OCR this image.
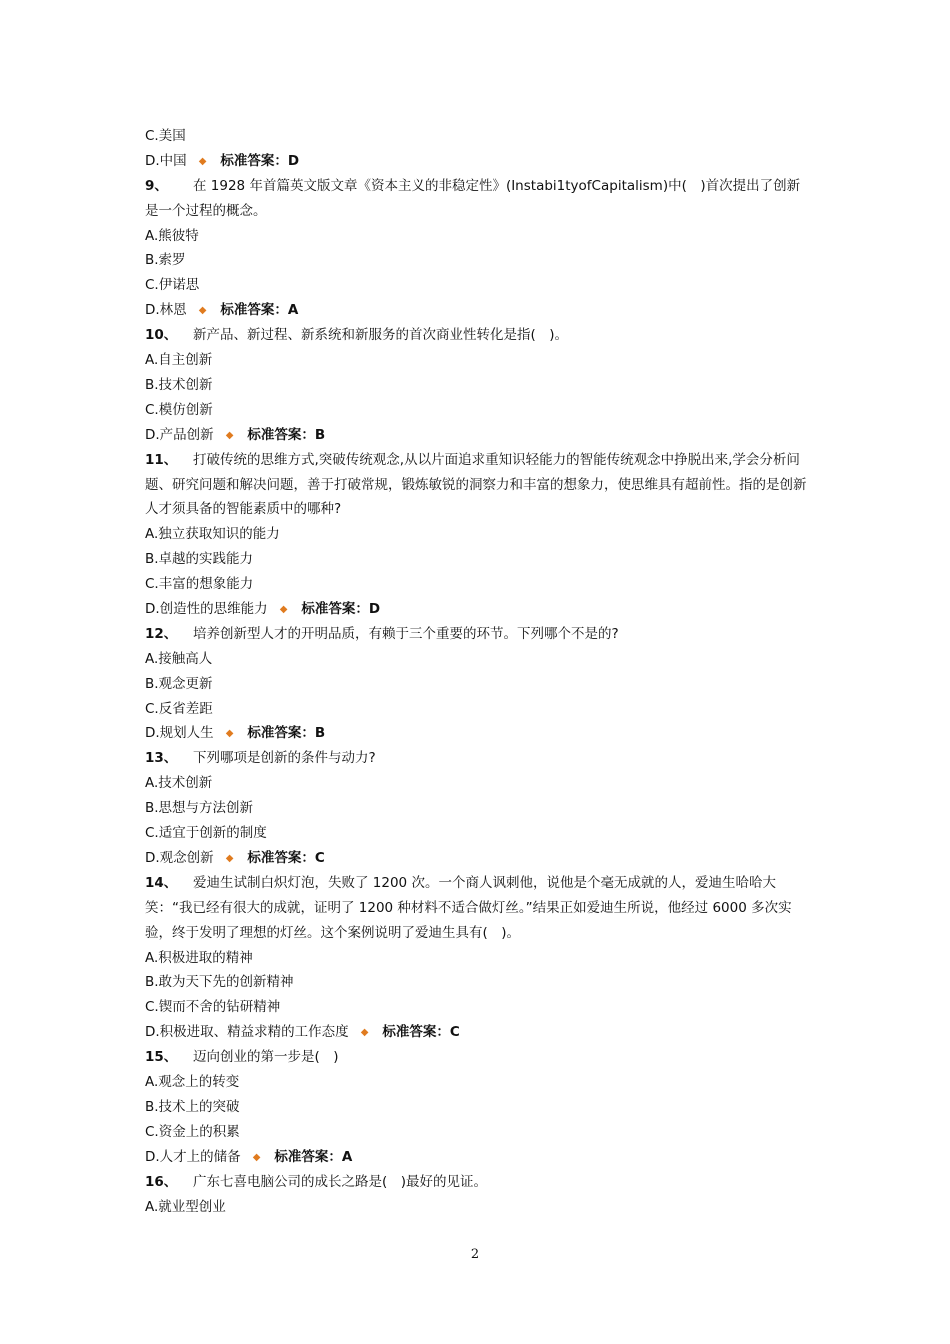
C.美国
D.中国 ◆ 标准答案：D
9、 在 1928 年首篇英文版文章《资本主义的非稳定性》(Instabi1tyofCapitalism)中(　)首次提出了创新是一个过程的概念。
A.熊彼特
B.索罗
C.伊诺思
D.林恩 ◆ 标准答案：A
10、 新产品、新过程、新系统和新服务的首次商业性转化是指(　)。
A.自主创新
B.技术创新
C.模仿创新
D.产品创新 ◆ 标准答案：B
11、 打破传统的思维方式,突破传统观念,从以片面追求重知识轻能力的智能传统观念中挣脱出来,学会分析问题、研究问题和解决问题，善于打破常规，锻炼敏锐的洞察力和丰富的想象力，使思维具有超前性。指的是创新人才须具备的智能素质中的哪种?
A.独立获取知识的能力
B.卓越的实践能力
C.丰富的想象能力
D.创造性的思维能力 ◆ 标准答案：D
12、 培养创新型人才的开明品质，有赖于三个重要的环节。下列哪个不是的?
A.接触高人
B.观念更新
C.反省差距
D.规划人生 ◆ 标准答案：B
13、 下列哪项是创新的条件与动力?
A.技术创新
B.思想与方法创新
C.适宜于创新的制度
D.观念创新 ◆ 标准答案：C
14、 爱迪生试制白炽灯泡，失败了 1200 次。一个商人讽刺他，说他是个毫无成就的人，爱迪生哈哈大笑：“我已经有很大的成就，证明了 1200 种材料不适合做灯丝。”结果正如爱迪生所说，他经过 6000 多次实验，终于发明了理想的灯丝。这个案例说明了爱迪生具有(　)。
A.积极进取的精神
B.敢为天下先的创新精神
C.锲而不舍的钻研精神
D.积极进取、精益求精的工作态度 ◆ 标准答案：C
15、 迈向创业的第一步是(　)
A.观念上的转变
B.技术上的突破
C.资金上的积累
D.人才上的储备 ◆ 标准答案：A
16、 广东七喜电脑公司的成长之路是(　)最好的见证。
A.就业型创业
2
